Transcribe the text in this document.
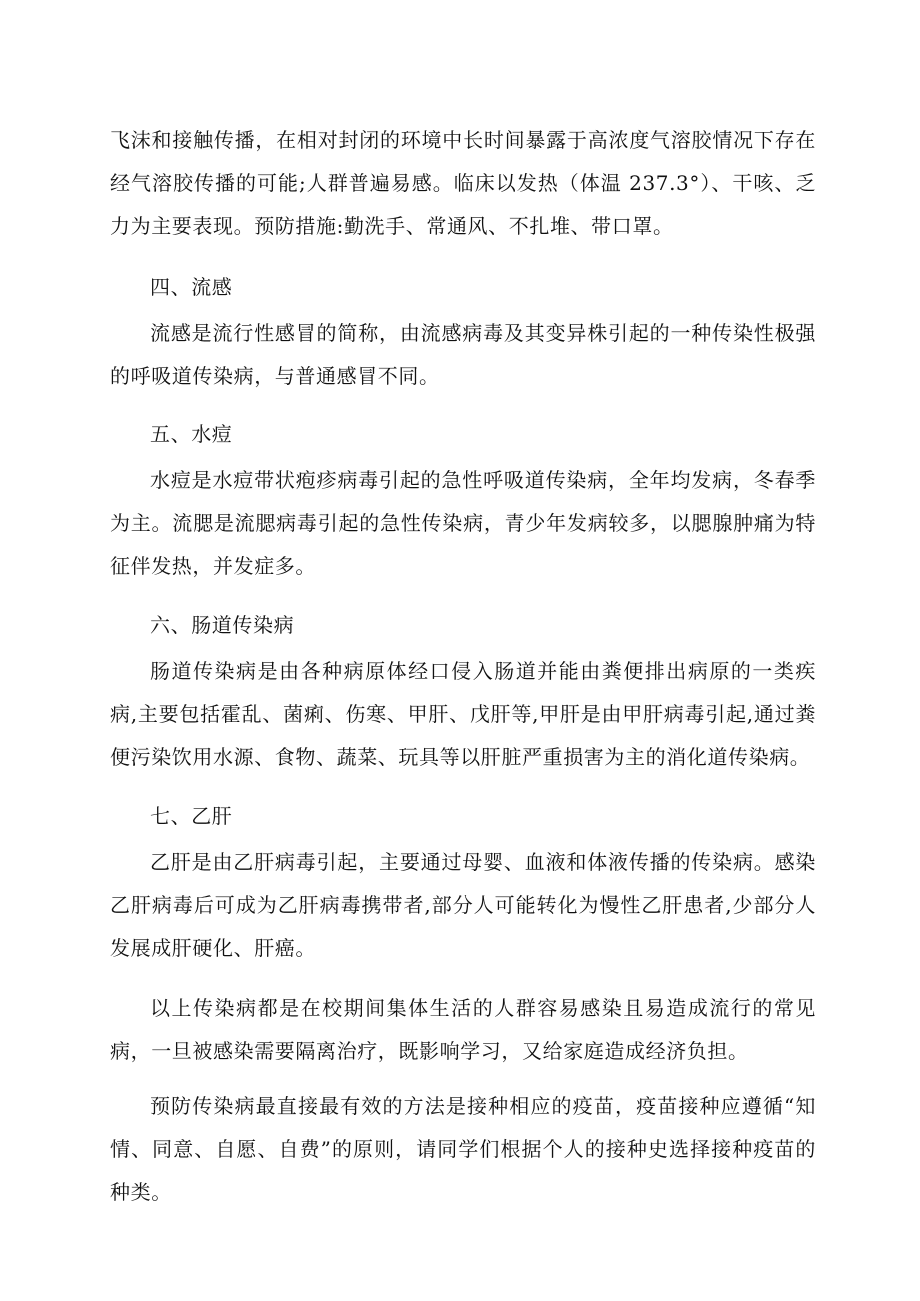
飞沫和接触传播，在相对封闭的环境中长时间暴露于高浓度气溶胶情况下存在经气溶胶传播的可能;人群普遍易感。临床以发热（体温 237.3°）、干咳、乏力为主要表现。预防措施:勤洗手、常通风、不扎堆、带口罩。

四、流感

流感是流行性感冒的简称，由流感病毒及其变异株引起的一种传染性极强的呼吸道传染病，与普通感冒不同。

五、水痘

水痘是水痘带状疱疹病毒引起的急性呼吸道传染病，全年均发病，冬春季为主。流腮是流腮病毒引起的急性传染病，青少年发病较多，以腮腺肿痛为特征伴发热，并发症多。

六、肠道传染病

肠道传染病是由各种病原体经口侵入肠道并能由粪便排出病原的一类疾病,主要包括霍乱、菌痢、伤寒、甲肝、戊肝等,甲肝是由甲肝病毒引起,通过粪便污染饮用水源、食物、蔬菜、玩具等以肝脏严重损害为主的消化道传染病。

七、乙肝

乙肝是由乙肝病毒引起，主要通过母婴、血液和体液传播的传染病。感染乙肝病毒后可成为乙肝病毒携带者,部分人可能转化为慢性乙肝患者,少部分人发展成肝硬化、肝癌。

以上传染病都是在校期间集体生活的人群容易感染且易造成流行的常见病，一旦被感染需要隔离治疗，既影响学习，又给家庭造成经济负担。

预防传染病最直接最有效的方法是接种相应的疫苗，疫苗接种应遵循“知情、同意、自愿、自费”的原则，请同学们根据个人的接种史选择接种疫苗的种类。
